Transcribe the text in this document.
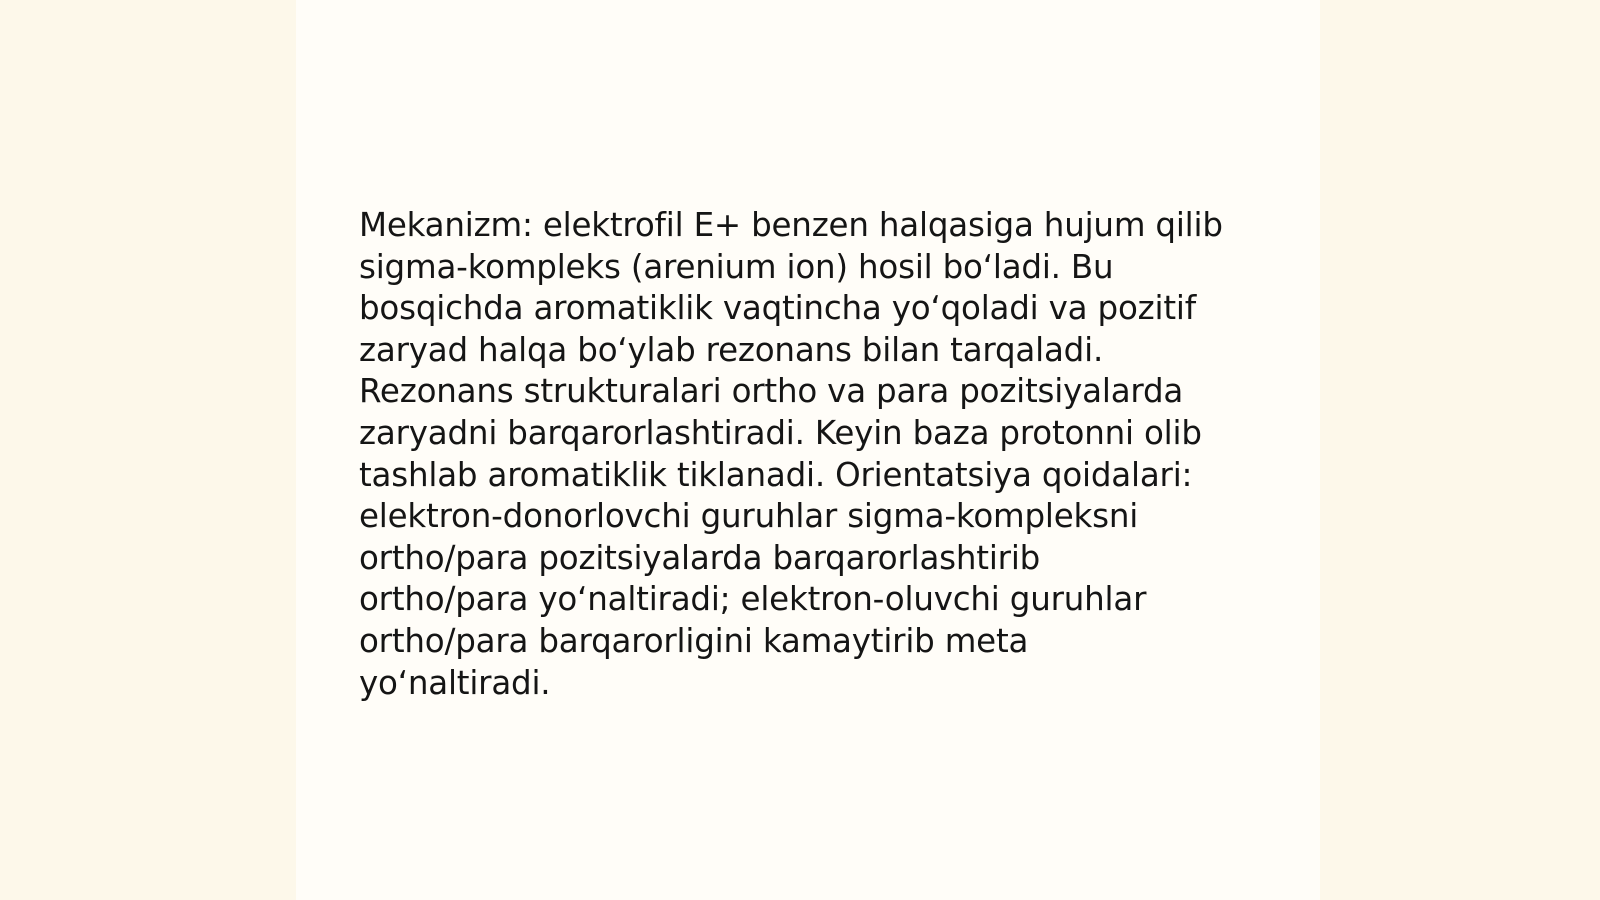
Mekanizm: elektrofil E+ benzen halqasiga hujum qilib
sigma-kompleks (arenium ion) hosil bo‘ladi. Bu
bosqichda aromatiklik vaqtincha yo‘qoladi va pozitif
zaryad halqa bo‘ylab rezonans bilan tarqaladi.
Rezonans strukturalari ortho va para pozitsiyalarda
zaryadni barqarorlashtiradi. Keyin baza protonni olib
tashlab aromatiklik tiklanadi. Orientatsiya qoidalari:
elektron-donorlovchi guruhlar sigma-kompleksni
ortho/para pozitsiyalarda barqarorlashtirib
ortho/para yo‘naltiradi; elektron-oluvchi guruhlar
ortho/para barqarorligini kamaytirib meta
yo‘naltiradi.
